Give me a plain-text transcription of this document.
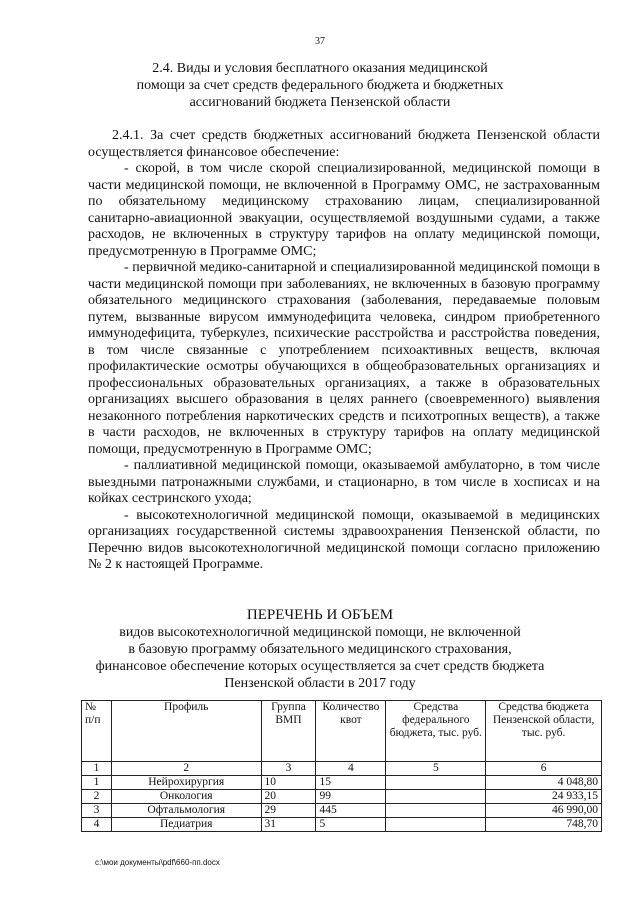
37
2.4. Виды и условия бесплатного оказания медицинской
помощи за счет средств федерального бюджета и бюджетных
ассигнований бюджета Пензенской области

2.4.1. За счет средств бюджетных ассигнований бюджета Пензенской области осуществляется финансовое обеспечение:

- скорой, в том числе скорой специализированной, медицинской помощи в части медицинской помощи, не включенной в Программу ОМС, не застрахованным по обязательному медицинскому страхованию лицам, специализированной санитарно-авиационной эвакуации, осуществляемой воздушными судами, а также расходов, не включенных в структуру тарифов на оплату медицинской помощи, предусмотренную в Программе ОМС;

- первичной медико-санитарной и специализированной медицинской помощи в части медицинской помощи при заболеваниях, не включенных в базовую программу обязательного медицинского страхования (заболевания, передаваемые половым путем, вызванные вирусом иммунодефицита человека, синдром приобретенного иммунодефицита, туберкулез, психические расстройства и расстройства поведения, в том числе связанные с употреблением психоактивных веществ, включая профилактические осмотры обучающихся в общеобразовательных организациях и профессиональных образовательных организациях, а также в образовательных организациях высшего образования в целях раннего (своевременного) выявления незаконного потребления наркотических средств и психотропных веществ), а также в части расходов, не включенных в структуру тарифов на оплату медицинской помощи, предусмотренную в Программе ОМС;

- паллиативной медицинской помощи, оказываемой амбулаторно, в том числе выездными патронажными службами, и стационарно, в том числе в хосписах и на койках сестринского ухода;

- высокотехнологичной медицинской помощи, оказываемой в медицинских организациях государственной системы здравоохранения Пензенской области, по Перечню видов высокотехнологичной медицинской помощи согласно приложению № 2 к настоящей Программе.

ПЕРЕЧЕНЬ И ОБЪЕМ
видов высокотехнологичной медицинской помощи, не включенной
в базовую программу обязательного медицинского страхования,
финансовое обеспечение которых осуществляется за счет средств бюджета
Пензенской области в 2017 году
№ п/п	Профиль	Группа ВМП	Количество квот	Средства федерального бюджета, тыс. руб.	Средства бюджета Пензенской области, тыс. руб.
1	2	3	4	5	6
1	Нейрохирургия	10	15		4 048,80
2	Онкология	20	99		24 933,15
3	Офтальмология	29	445		46 990,00
4	Педиатрия	31	5		748,70
c:\мои документы\pdf\660-пп.docx
